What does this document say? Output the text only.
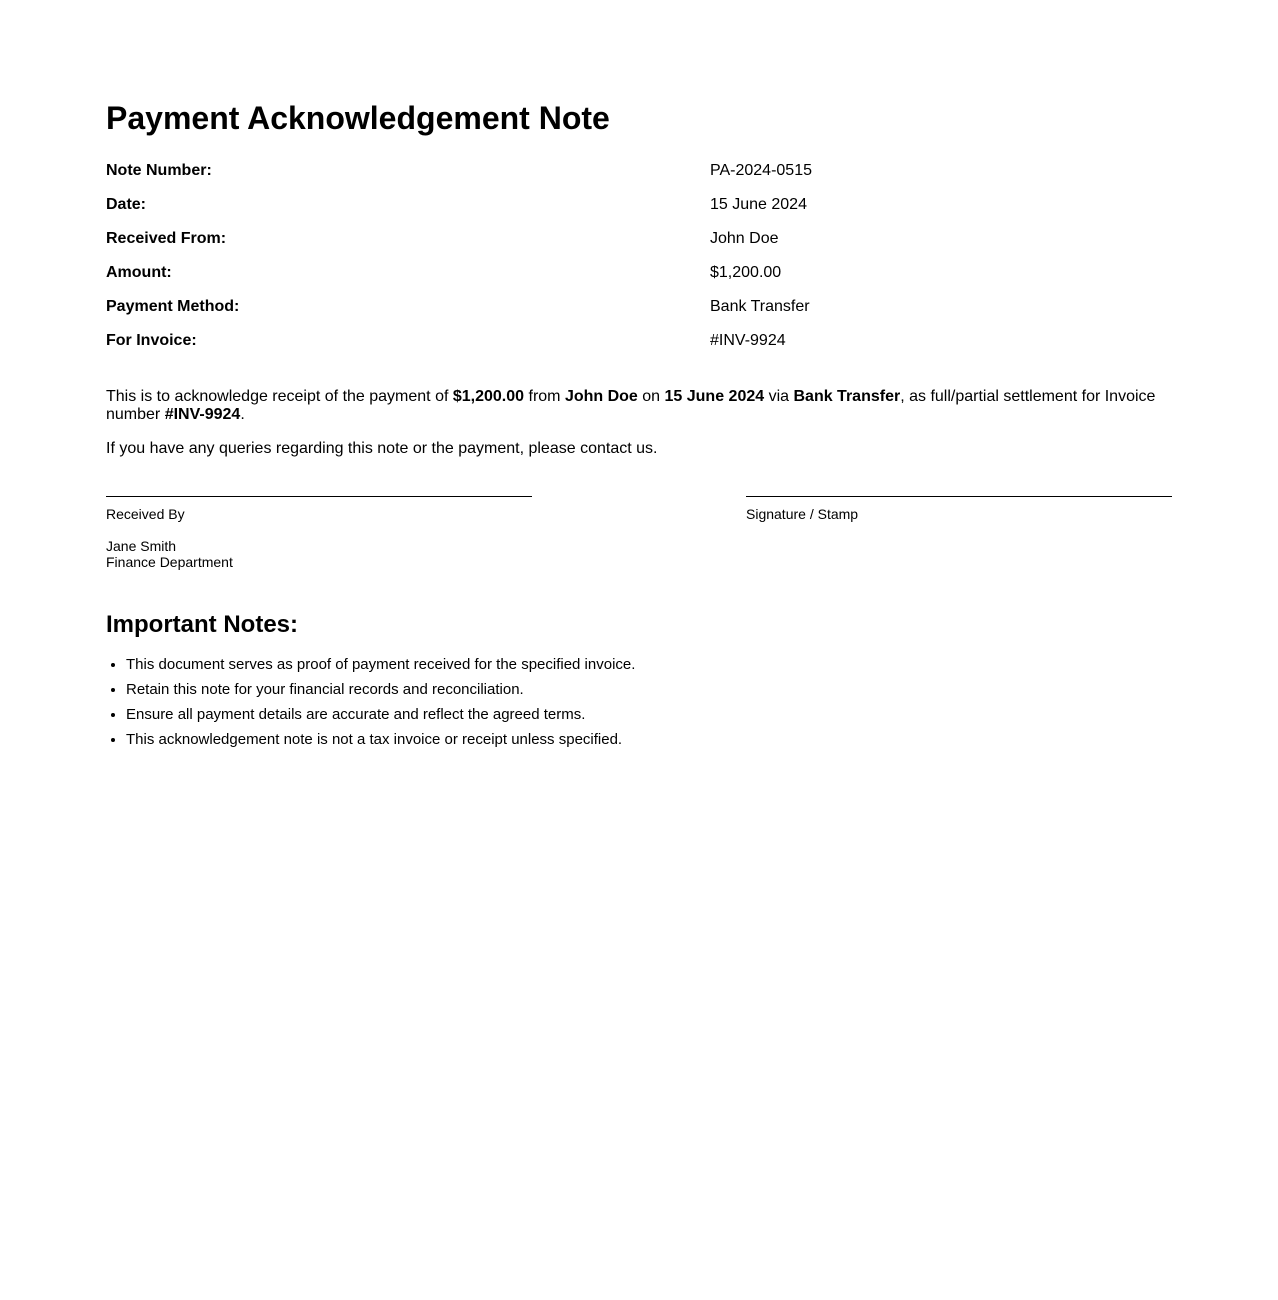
Payment Acknowledgement Note
Note Number:	PA-2024-0515
Date:	15 June 2024
Received From:	John Doe
Amount:	$1,200.00
Payment Method:	Bank Transfer
For Invoice:	#INV-9924

This is to acknowledge receipt of the payment of $1,200.00 from John Doe on 15 June 2024 via Bank Transfer, as full/partial settlement for Invoice number #INV-9924.

If you have any queries regarding this note or the payment, please contact us.

Received By
Jane Smith
Finance Department
Signature / Stamp
Important Notes:
• This document serves as proof of payment received for the specified invoice.
• Retain this note for your financial records and reconciliation.
• Ensure all payment details are accurate and reflect the agreed terms.
• This acknowledgement note is not a tax invoice or receipt unless specified.
